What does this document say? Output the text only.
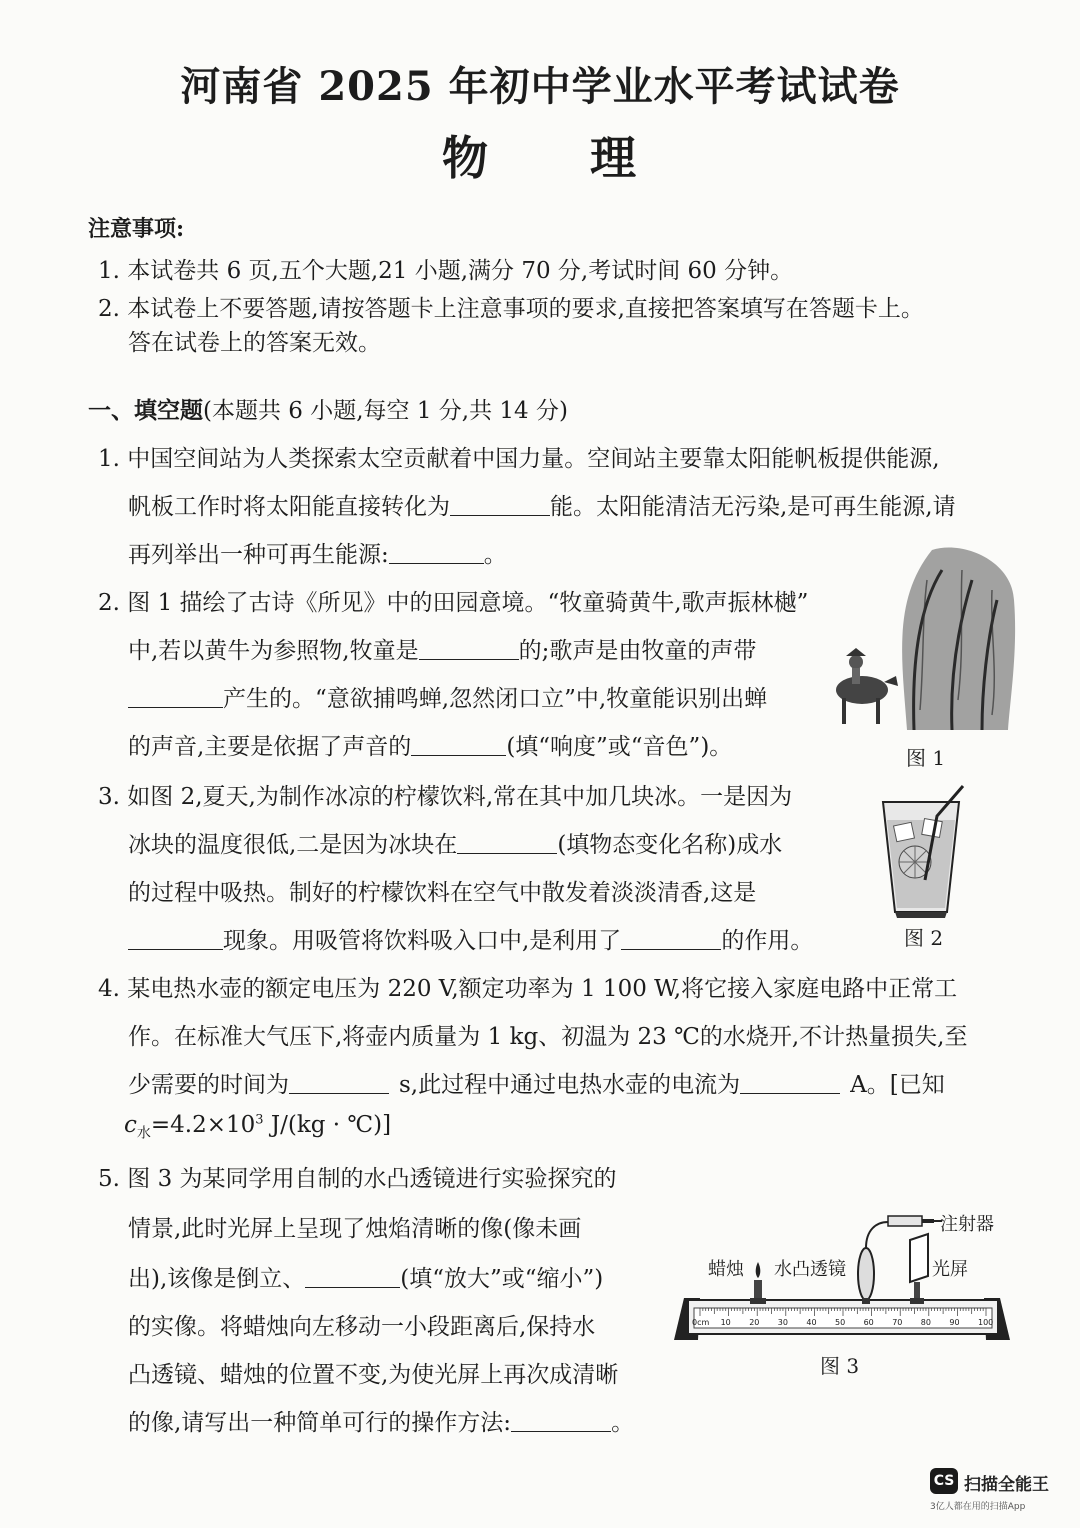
河南省 2025 年初中学业水平考试试卷
物 理
注意事项:
1. 本试卷共 6 页,五个大题,21 小题,满分 70 分,考试时间 60 分钟。
2. 本试卷上不要答题,请按答题卡上注意事项的要求,直接把答案填写在答题卡上。
答在试卷上的答案无效。
一、填空题(本题共 6 小题,每空 1 分,共 14 分)
1. 中国空间站为人类探索太空贡献着中国力量。空间站主要靠太阳能帆板提供能源,
帆板工作时将太阳能直接转化为	能。太阳能清洁无污染,是可再生能源,请
再列举出一种可再生能源:	。
2. 图 1 描绘了古诗《所见》中的田园意境。“牧童骑黄牛,歌声振林樾”
中,若以黄牛为参照物,牧童是	的;歌声是由牧童的声带
产生的。“意欲捕鸣蝉,忽然闭口立”中,牧童能识别出蝉
的声音,主要是依据了声音的	(填“响度”或“音色”)。	图 1
3. 如图 2,夏天,为制作冰凉的柠檬饮料,常在其中加几块冰。一是因为
冰块的温度很低,二是因为冰块在	(填物态变化名称)成水
的过程中吸热。制好的柠檬饮料在空气中散发着淡淡清香,这是
现象。用吸管将饮料吸入口中,是利用了	的作用。	图 2
4. 某电热水壶的额定电压为 220 V,额定功率为 1 100 W,将它接入家庭电路中正常工
作。在标准大气压下,将壶内质量为 1 kg、初温为 23 ℃的水烧开,不计热量损失,至
少需要的时间为	s,此过程中通过电热水壶的电流为	A。[已知
$c_水=4.2\times 10^3$ J/(kg · ℃)]
5. 图 3 为某同学用自制的水凸透镜进行实验探究的
情景,此时光屏上呈现了烛焰清晰的像(像未画
出),该像是倒立、	(填“放大”或“缩小”)
的实像。将蜡烛向左移动一小段距离后,保持水
凸透镜、蜡烛的位置不变,为使光屏上再次成清晰
的像,请写出一种简单可行的操作方法:	。
注射器
蜡烛 水凸透镜	光屏
0cm 10 20 30 40 50 60 70 80 90 100
图 3
CS 扫描全能王
3亿人都在用的扫描App
